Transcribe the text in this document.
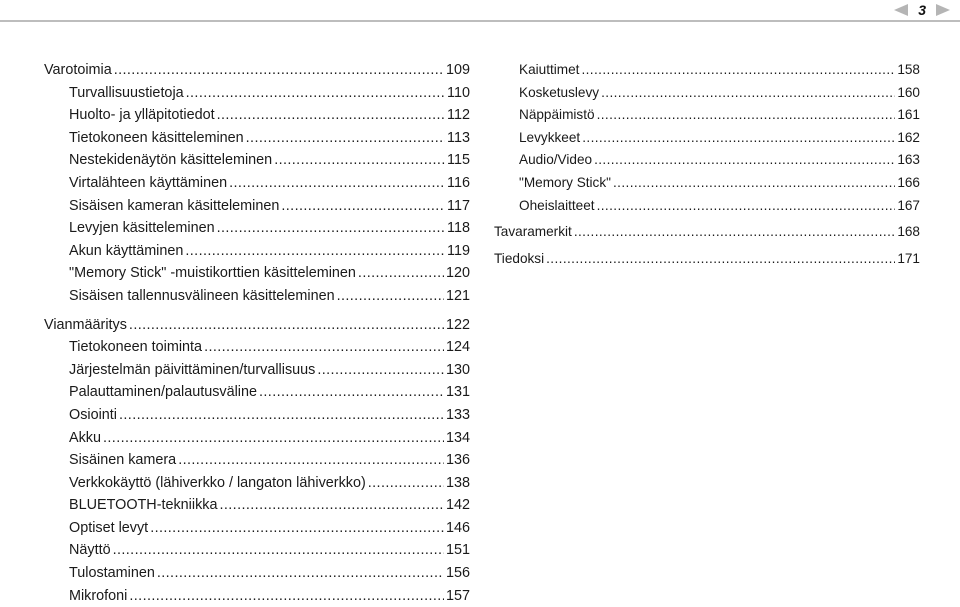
3
Varotoimia .....	109
Turvallisuustietoja .....	110
Huolto- ja ylläpitotiedot .....	112
Tietokoneen käsitteleminen .....	113
Nestekidenäytön käsitteleminen .....	115
Virtalähteen käyttäminen .....	116
Sisäisen kameran käsitteleminen .....	117
Levyjen käsitteleminen .....	118
Akun käyttäminen .....	119
"Memory Stick" -muistikorttien käsitteleminen .....	120
Sisäisen tallennusvälineen käsitteleminen .....	121
Vianmääritys .....	122
Tietokoneen toiminta .....	124
Järjestelmän päivittäminen/turvallisuus .....	130
Palauttaminen/palautusväline .....	131
Osiointi .....	133
Akku .....	134
Sisäinen kamera .....	136
Verkkokäyttö (lähiverkko / langaton lähiverkko) .....	138
BLUETOOTH-tekniikka .....	142
Optiset levyt .....	146
Näyttö .....	151
Tulostaminen .....	156
Mikrofoni .....	157
Kaiuttimet .....	158
Kosketuslevy .....	160
Näppäimistö .....	161
Levykkeet .....	162
Audio/Video .....	163
"Memory Stick" .....	166
Oheislaitteet .....	167
Tavaramerkit .....	168
Tiedoksi .....	171
